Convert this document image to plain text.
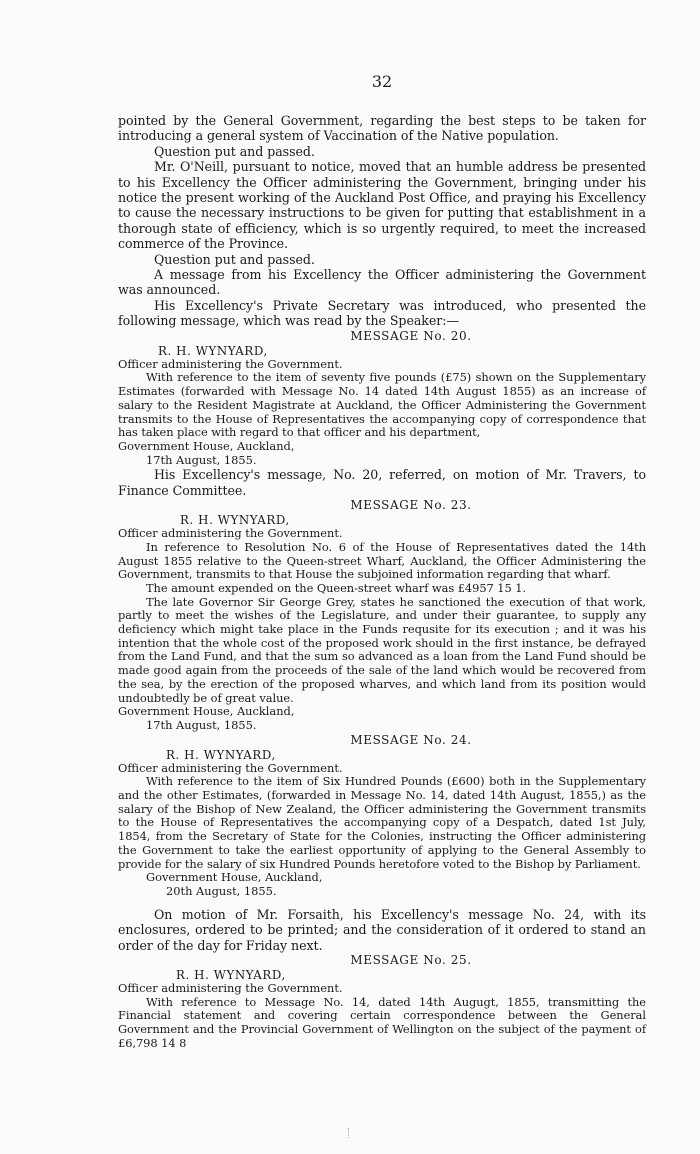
32

pointed by the General Government, regarding the best steps to be taken for introducing a general system of Vaccination of the Native population.

Question put and passed.

Mr. O'Neill, pursuant to notice, moved that an humble address be presented to his Excellency the Officer administering the Government, bringing under his notice the present working of the Auckland Post Office, and praying his Excellency to cause the necessary instructions to be given for putting that establishment in a thorough state of efficiency, which is so urgently required, to meet the increased commerce of the Province.

Question put and passed.

A message from his Excellency the Officer administering the Government was announced.

His Excellency's Private Secretary was introduced, who presented the following message, which was read by the Speaker:—

MESSAGE No. 20.

R. H. WYNYARD,

Officer administering the Government.

With reference to the item of seventy five pounds (£75) shown on the Supplementary Estimates (forwarded with Message No. 14 dated 14th August 1855) as an increase of salary to the Resident Magistrate at Auckland, the Officer Administering the Government transmits to the House of Representatives the accompanying copy of correspondence that has taken place with regard to that officer and his department,

Government House, Auckland,

17th August, 1855.

His Excellency's message, No. 20, referred, on motion of Mr. Travers, to Finance Committee.

MESSAGE No. 23.

R. H. WYNYARD,

Officer administering the Government.

In reference to Resolution No. 6 of the House of Representatives dated the 14th August 1855 relative to the Queen-street Wharf, Auckland, the Officer Administering the Government, transmits to that House the subjoined information regarding that wharf.

The amount expended on the Queen-street wharf was £4957 15 1.

The late Governor Sir George Grey, states he sanctioned the execution of that work, partly to meet the wishes of the Legislature, and under their guarantee, to supply any deficiency which might take place in the Funds requsite for its execution ; and it was his intention that the whole cost of the proposed work should in the first instance, be defrayed from the Land Fund, and that the sum so advanced as a loan from the Land Fund should be made good again from the proceeds of the sale of the land which would be recovered from the sea, by the erection of the proposed wharves, and which land from its position would undoubtedly be of great value.

Government House, Auckland,

17th August, 1855.

MESSAGE No. 24.

R. H. WYNYARD,

Officer administering the Government.

With reference to the item of Six Hundred Pounds (£600) both in the Supplementary and the other Estimates, (forwarded in Message No. 14, dated 14th August, 1855,) as the salary of the Bishop of New Zealand, the Officer administering the Government transmits to the House of Representatives the accompanying copy of a Despatch, dated 1st July, 1854, from the Secretary of State for the Colonies, instructing the Officer administering the Government to take the earliest opportunity of applying to the General Assembly to provide for the salary of six Hundred Pounds heretofore voted to the Bishop by Parliament.

Government House, Auckland,

20th August, 1855.

On motion of Mr. Forsaith, his Excellency's message No. 24, with its enclosures, ordered to be printed; and the consideration of it ordered to stand an order of the day for Friday next.

MESSAGE No. 25.

R. H. WYNYARD,

Officer administering the Government.

With reference to Message No. 14, dated 14th Augugt, 1855, transmitting the Financial statement and covering certain correspondence between the General Government and the Provincial Government of Wellington on the subject of the payment of £6,798 14 8
